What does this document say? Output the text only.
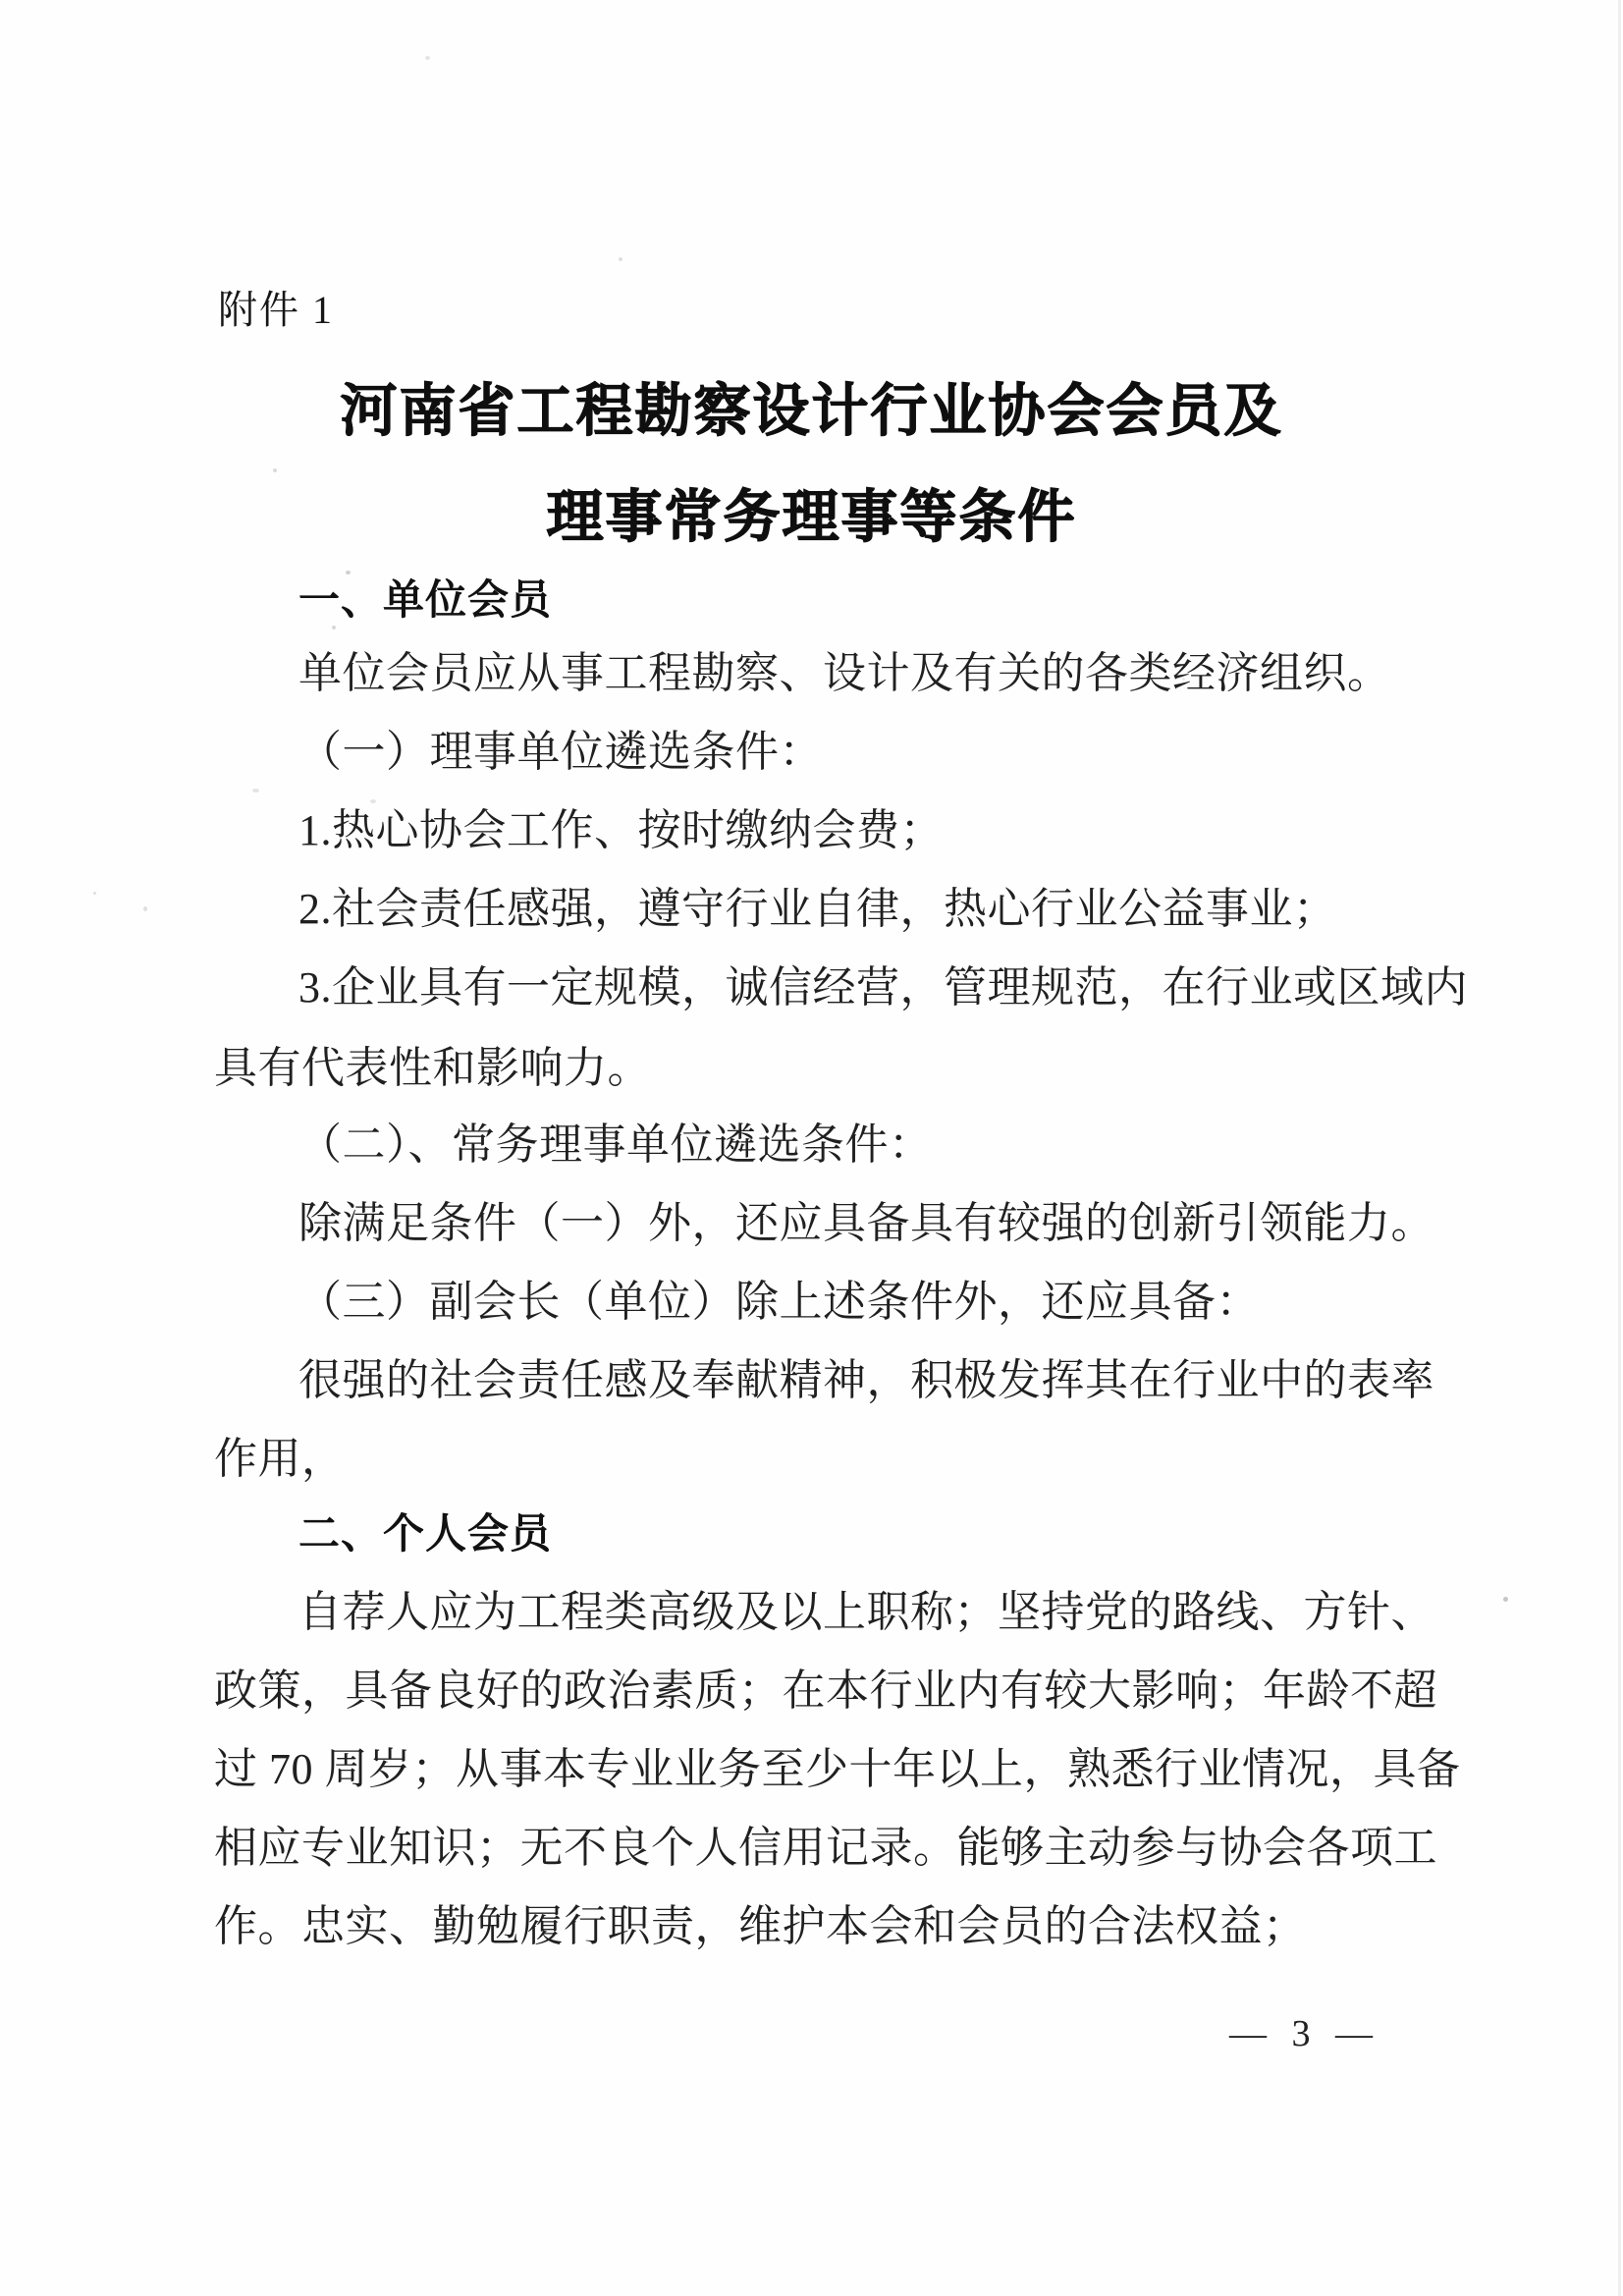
附件 1
河南省工程勘察设计行业协会会员及
理事常务理事等条件
一、单位会员
单位会员应从事工程勘察、设计及有关的各类经济组织。
（一）理事单位遴选条件：
1.热心协会工作、按时缴纳会费；
2.社会责任感强，遵守行业自律，热心行业公益事业；
3.企业具有一定规模，诚信经营，管理规范，在行业或区域内
具有代表性和影响力。
（二）、常务理事单位遴选条件：
除满足条件（一）外，还应具备具有较强的创新引领能力。
（三）副会长（单位）除上述条件外，还应具备：
很强的社会责任感及奉献精神，积极发挥其在行业中的表率
作用，
二、个人会员
自荐人应为工程类高级及以上职称；坚持党的路线、方针、
政策，具备良好的政治素质；在本行业内有较大影响；年龄不超
过 70 周岁；从事本专业业务至少十年以上，熟悉行业情况，具备
相应专业知识；无不良个人信用记录。能够主动参与协会各项工
作。忠实、勤勉履行职责，维护本会和会员的合法权益；
— 3 —
